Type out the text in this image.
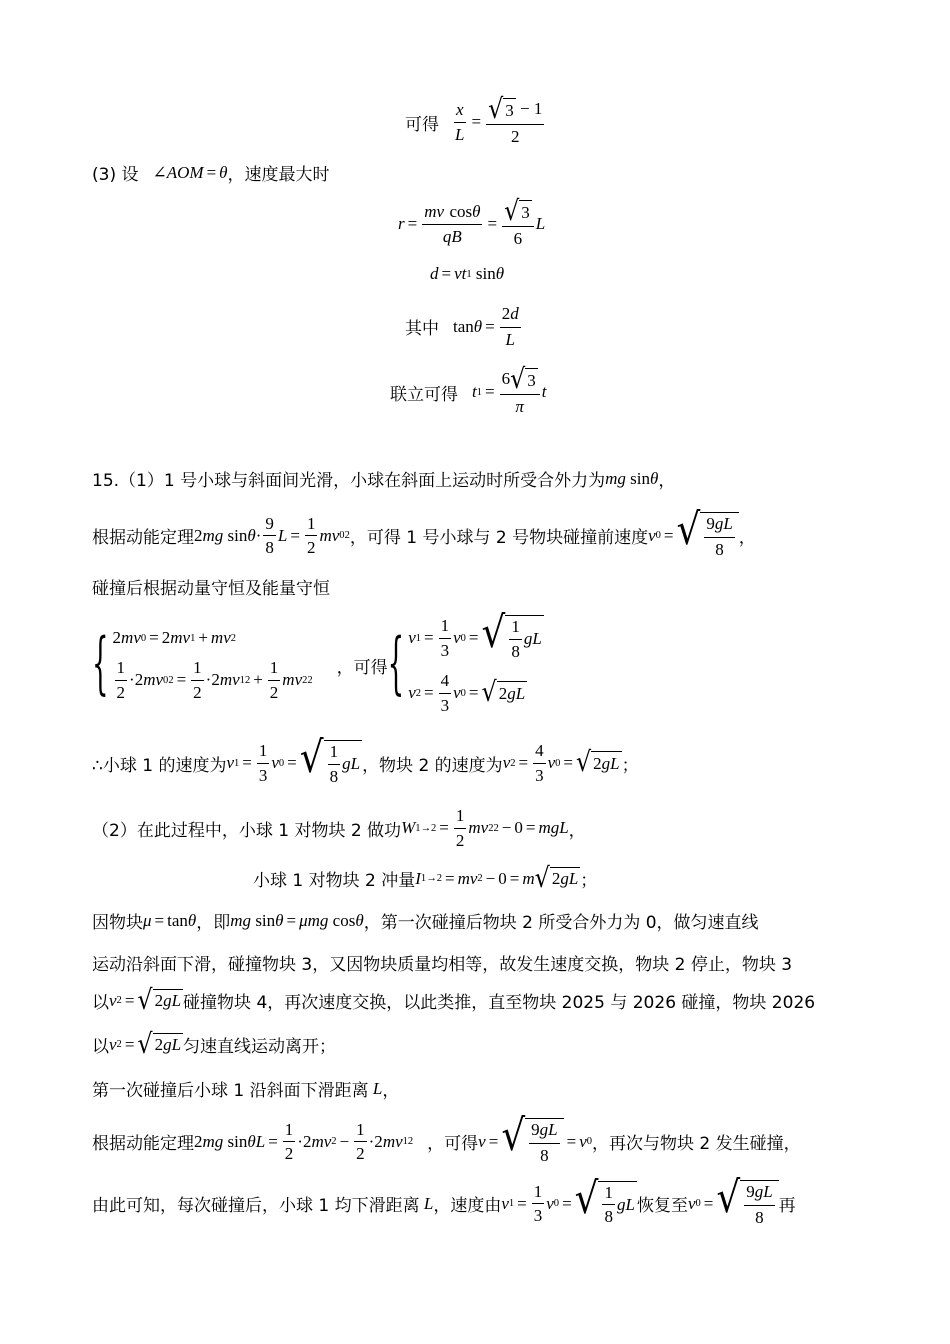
可得 $\frac{x}{L} = \frac{√ 3 - 1}{2}$
(3) 设 ∠ AOM = θ ，速度最大时
$r = \frac{\text{mv cosθ}}{qB} = \frac{√ 3}{6}$ L
d = vt 1 sin θ
其中 $\tan \theta = \frac{2d}{L}$
联立可得 t $1 = \frac{6 √ 3}{\pi}$ t
15.（1）1 号小球与斜面间光滑，小球在斜面上运动时所受合外力为 mg sin θ ，
根据动能定理 2 mg $\sin \theta \cdot \frac{9}{8}$ $L = \frac{1}{2}$ mv 0 2 ，可得 1 号小球与 2 号物块碰撞前速度 v 0 = √ $\frac{9gL}{8}$ ，
碰撞后根据动量守恒及能量守恒
{ 2 mv 0 = 2 mv 1 + mv 2
$\frac{1}{2} \cdot 2$ mv 0 $2 = \frac{1}{2} \cdot 2$ mv 1 $2 + \frac{1}{2}$ mv 2 2
，可得 { v $1 = \frac{1}{3}$ v 0 = √ $\frac{1}{8}$ gL
v $2 = \frac{4}{3}$ v 0 = √ 2 gL
∴小球 1 的速度为 v $1 = \frac{1}{3}$ v 0 = √ $\frac{1}{8}$ gL ，物块 2 的速度为 v $2 = \frac{4}{3}$ v 0 = √ 2 gL ；
（2）在此过程中，小球 1 对物块 2 做功 W $1\to 2 = \frac{1}{2}$ mv 2 2 − 0 = mgL ，
小球 1 对物块 2 冲量 I 1→2 = mv 2 − 0 = m √ 2 gL ；
因物块 μ = tan θ ，即 mg sin θ = μmg cos θ ，第一次碰撞后物块 2 所受合外力为 0，做匀速直线
运动沿斜面下滑，碰撞物块 3，又因物块质量均相等，故发生速度交换，物块 2 停止，物块 3
以 v 2 = √ 2 gL 碰撞物块 4，再次速度交换，以此类推，直至物块 2025 与 2026 碰撞，物块 2026
以 v 2 = √ 2 gL 匀速直线运动离开；
第一次碰撞后小球 1 沿斜面下滑距离 L ，
根据动能定理 2 mg $\sin \theta L = \frac{1}{2} \cdot 2$ mv $2 - \frac{1}{2} \cdot 2$ mv 1 2 ，可得 v = √ $\frac{9gL}{8} = v$ 0 ，再次与物块 2 发生碰撞，
由此可知，每次碰撞后，小球 1 均下滑距离 L ，速度由 v $1 = \frac{1}{3}$ v 0 = √ $\frac{1}{8}$ gL 恢复至 v 0 = √ $\frac{9gL}{8}$ 再
